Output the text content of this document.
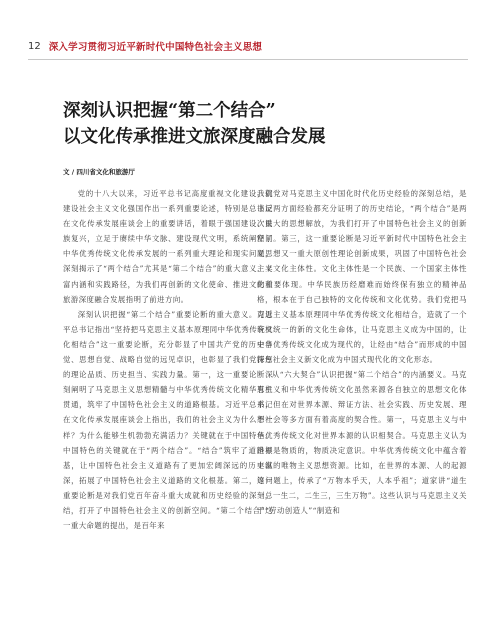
12 深入学习贯彻习近平新时代中国特色社会主义思想
深刻认识把握“第二个结合”
以文化传承推进文旅深度融合发展
文 / 四川省文化和旅游厅

党的十八大以来，习近平总书记高度重视文化建设，就建设社会主义文化强国作出一系列重要论述，特别是总书记在文化传承发展座谈会上的重要讲话，着眼于强国建设、民族复兴，立足于赓续中华文脉、建设现代文明，系统阐释了中华优秀传统文化传承发展的一系列重大理论和现实问题，深刻揭示了“两个结合”尤其是“第二个结合”的重大意义、丰富内涵和实践路径，为我们再创新的文化使命、推进文化和旅游深度融合发展指明了前进方向。

深刻认识把握“第二个结合”重要论断的重大意义。习近平总书记指出“坚持把马克思主义基本原理同中华优秀传统文化相结合”这一重要论断，充分彰显了中国共产党的历史自觉、思想自觉、战略自觉的远见卓识，也彰显了我们党深厚的理论品质、历史担当、实践力量。第一，这一重要论断深刻阐明了马克思主义思想精髓与中华优秀传统文化精华有机贯通，筑牢了中国特色社会主义的道路根基。习近平总书记在文化传承发展座谈会上指出，我们的社会主义为什么不一样？为什么能够生机勃勃充满活力？关键就在于中国特色。中国特色的关键就在于“两个结合”。“结合”筑牢了道路根基，让中国特色社会主义道路有了更加宏阔深远的历史纵深，拓展了中国特色社会主义道路的文化根基。第二，这一重要论断是对我们党百年奋斗重大成就和历史经验的深刻总结，打开了中国特色社会主义的创新空间。“第二个结合”这一重大命题的提出，是百年来

我们党对马克思主义中国化时代化历史经验的深刻总结，是让反两方面经验都充分证明了的历史结论，“两个结合”是两次重大的思想解放，为我们打开了中国特色社会主义的创新空间。第三，这一重要论断是习近平新时代中国特色社会主义思想又一重大原创性理论创新成果，巩固了中国特色社会主义文化主体性。文化主体性是一个民族、一个国家主体性的重要体现。中华民族历经磨难而始终保有独立的精神品格，根本在于自己独特的文化传统和文化优势。我们党把马克思主义基本原理同中华优秀传统文化相结合，造就了一个有机统一的新的文化生命体，让马克思主义成为中国的，让中华优秀传统文化成为现代的，让经由“结合”而形成的中国特色社会主义新文化成为中国式现代化的文化形态。

从“六大契合”认识把握“第二个结合”的内涵要义。马克思主义和中华优秀传统文化虽然来源各自独立的思想文化体系，但在对世界本源、辩证方法、社会实践、历史发展、理想社会等多方面有着高度的契合性。第一，马克思主义与中华优秀传统文化对世界本源的认识相契合。马克思主义认为世界是物质的，物质决定意识。中华优秀传统文化中蕴含着丰富的唯物主义思想资源。比如，在世界的本源、人的起源等问题上，传承了“万物本乎天，人本乎祖”；道家讲“道生一，一生二，二生三，三生万物”。这些认识与马克思主义关于“劳动创造人”“制造和
